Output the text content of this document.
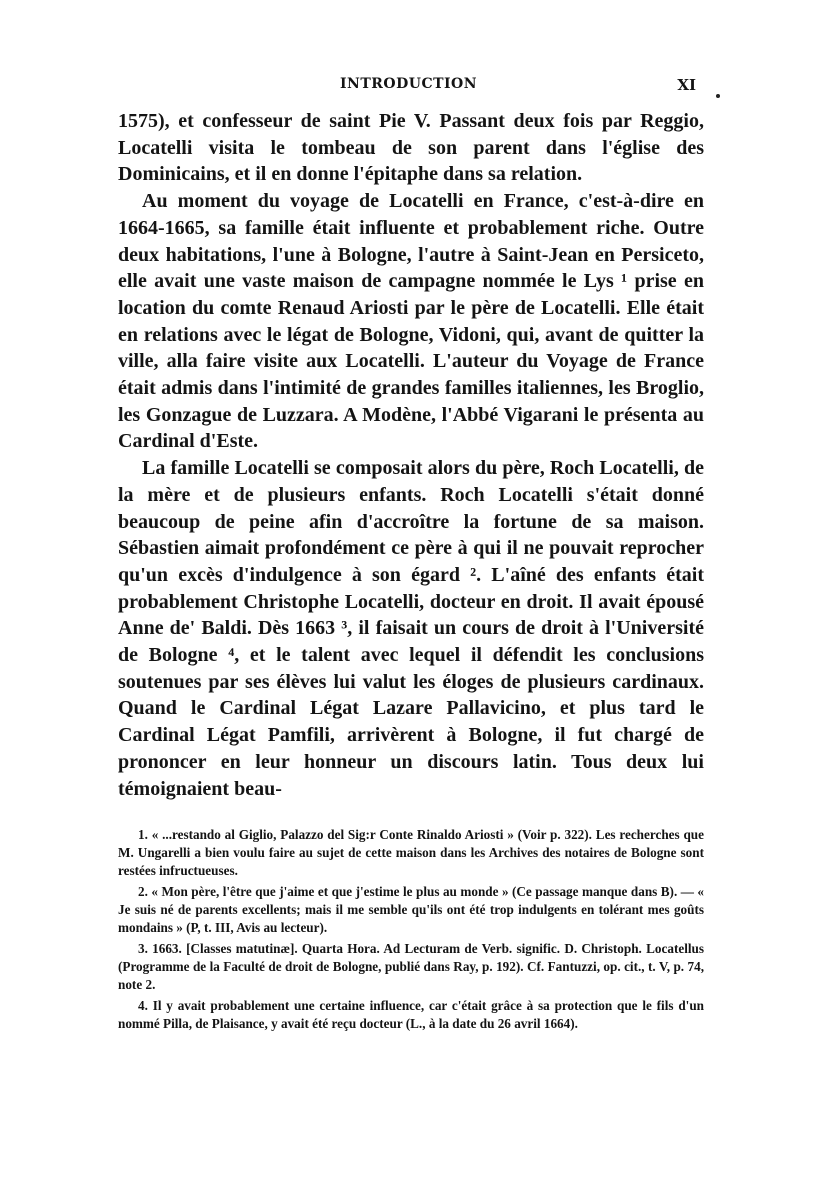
INTRODUCTION	XI

1575), et confesseur de saint Pie V. Passant deux fois par Reggio, Locatelli visita le tombeau de son parent dans l'église des Dominicains, et il en donne l'épitaphe dans sa relation.

Au moment du voyage de Locatelli en France, c'est-à-dire en 1664-1665, sa famille était influente et probablement riche. Outre deux habitations, l'une à Bologne, l'autre à Saint-Jean en Persiceto, elle avait une vaste maison de campagne nommée le Lys ¹ prise en location du comte Renaud Ariosti par le père de Locatelli. Elle était en relations avec le légat de Bologne, Vidoni, qui, avant de quitter la ville, alla faire visite aux Locatelli. L'auteur du Voyage de France était admis dans l'intimité de grandes familles italiennes, les Broglio, les Gonzague de Luzzara. A Modène, l'Abbé Vigarani le présenta au Cardinal d'Este.

La famille Locatelli se composait alors du père, Roch Locatelli, de la mère et de plusieurs enfants. Roch Locatelli s'était donné beaucoup de peine afin d'accroître la fortune de sa maison. Sébastien aimait profondément ce père à qui il ne pouvait reprocher qu'un excès d'indulgence à son égard ². L'aîné des enfants était probablement Christophe Locatelli, docteur en droit. Il avait épousé Anne de' Baldi. Dès 1663 ³, il faisait un cours de droit à l'Université de Bologne ⁴, et le talent avec lequel il défendit les conclusions soutenues par ses élèves lui valut les éloges de plusieurs cardinaux. Quand le Cardinal Légat Lazare Pallavicino, et plus tard le Cardinal Légat Pamfili, arrivèrent à Bologne, il fut chargé de prononcer en leur honneur un discours latin. Tous deux lui témoignaient beau-

1. « ...restando al Giglio, Palazzo del Sig:r Conte Rinaldo Ariosti » (Voir p. 322). Les recherches que M. Ungarelli a bien voulu faire au sujet de cette maison dans les Archives des notaires de Bologne sont restées infructueuses.

2. « Mon père, l'être que j'aime et que j'estime le plus au monde » (Ce passage manque dans B). — « Je suis né de parents excellents; mais il me semble qu'ils ont été trop indulgents en tolérant mes goûts mondains » (P, t. III, Avis au lecteur).

3. 1663. [Classes matutinæ]. Quarta Hora. Ad Lecturam de Verb. signific. D. Christoph. Locatellus (Programme de la Faculté de droit de Bologne, publié dans Ray, p. 192). Cf. Fantuzzi, op. cit., t. V, p. 74, note 2.

4. Il y avait probablement une certaine influence, car c'était grâce à sa protection que le fils d'un nommé Pilla, de Plaisance, y avait été reçu docteur (L., à la date du 26 avril 1664).
